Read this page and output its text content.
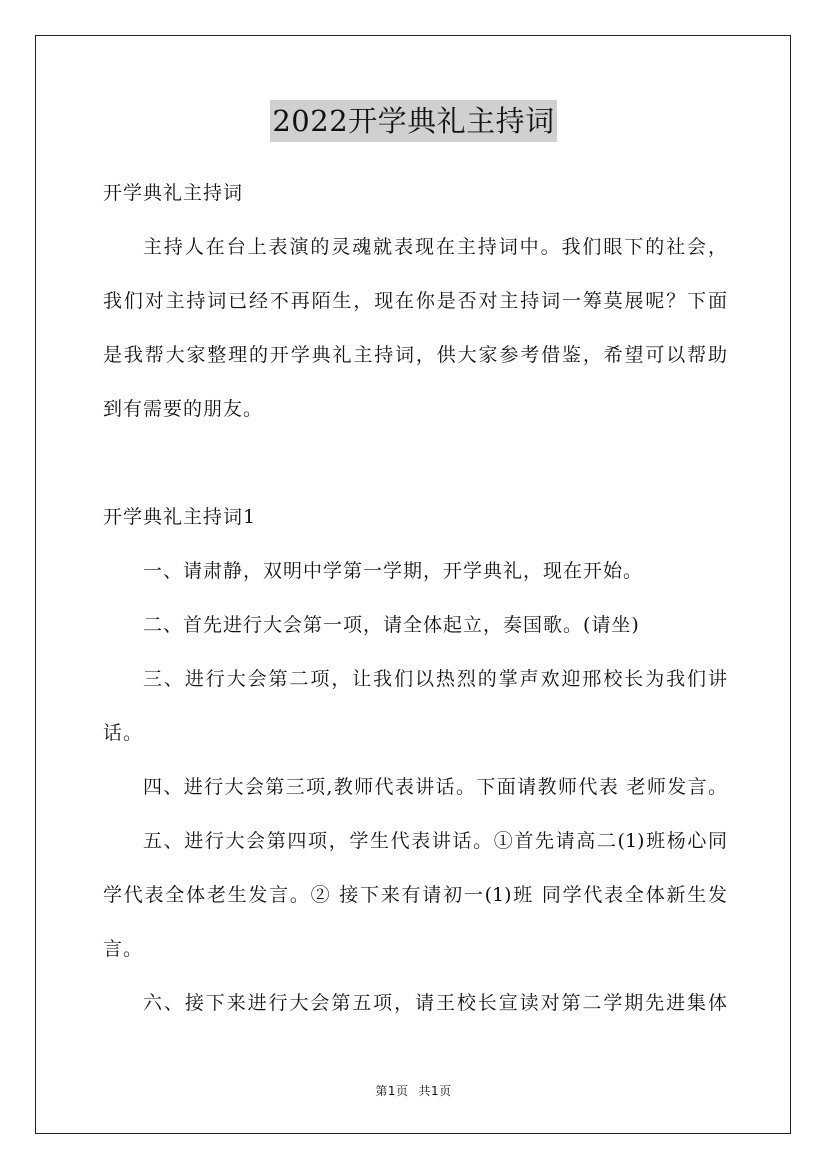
2022开学典礼主持词
开学典礼主持词
主持人在台上表演的灵魂就表现在主持词中。我们眼下的社会，
我们对主持词已经不再陌生，现在你是否对主持词一筹莫展呢？下面
是我帮大家整理的开学典礼主持词，供大家参考借鉴，希望可以帮助
到有需要的朋友。
开学典礼主持词1
一、请肃静，双明中学第一学期，开学典礼，现在开始。
二、首先进行大会第一项，请全体起立，奏国歌。(请坐)
三、进行大会第二项，让我们以热烈的掌声欢迎邢校长为我们讲
话。
四、进行大会第三项,教师代表讲话。下面请教师代表 老师发言。
五、进行大会第四项，学生代表讲话。①首先请高二(1)班杨心同
学代表全体老生发言。② 接下来有请初一(1)班 同学代表全体新生发
言。
六、接下来进行大会第五项，请王校长宣读对第二学期先进集体
第1页 共1页
